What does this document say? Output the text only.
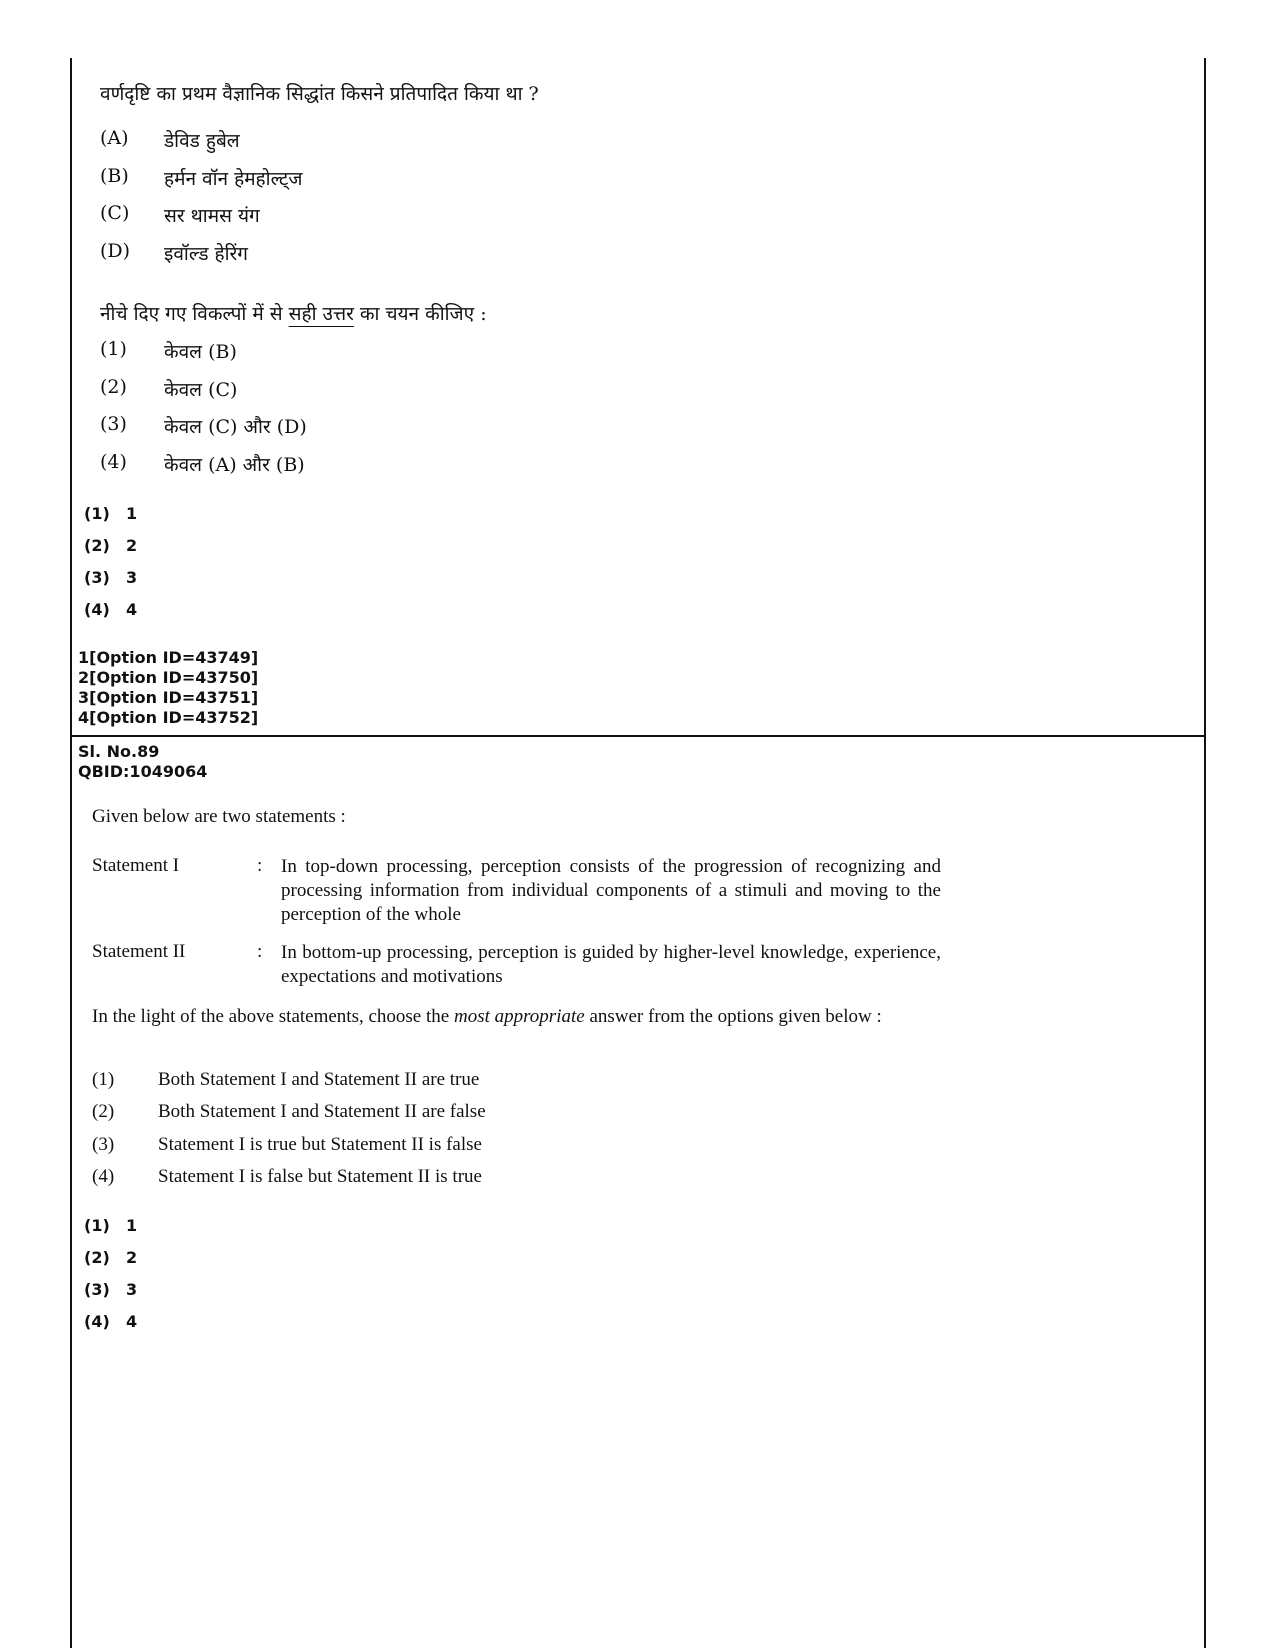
वर्णदृष्टि का प्रथम वैज्ञानिक सिद्धांत किसने प्रतिपादित किया था ?
(A)	डेविड हुबेल
(B)	हर्मन वॉन हेमहोल्ट्ज
(C)	सर थामस यंग
(D)	इवॉल्ड हेरिंग
नीचे दिए गए विकल्पों में से सही उत्तर का चयन कीजिए :
(1)	केवल (B)
(2)	केवल (C)
(3)	केवल (C) और (D)
(4)	केवल (A) और (B)
(1) 1
(2) 2
(3) 3
(4) 4
1[Option ID=43749]
2[Option ID=43750]
3[Option ID=43751]
4[Option ID=43752]
Sl. No.89
QBID:1049064
Given below are two statements :
Statement I	: In top-down processing, perception consists of the progression of recognizing and processing information from individual components of a stimuli and moving to the perception of the whole
Statement II	: In bottom-up processing, perception is guided by higher-level knowledge, experience, expectations and motivations
In the light of the above statements, choose the most appropriate answer from the options given below :
(1)	Both Statement I and Statement II are true
(2)	Both Statement I and Statement II are false
(3)	Statement I is true but Statement II is false
(4)	Statement I is false but Statement II is true
(1) 1
(2) 2
(3) 3
(4) 4
